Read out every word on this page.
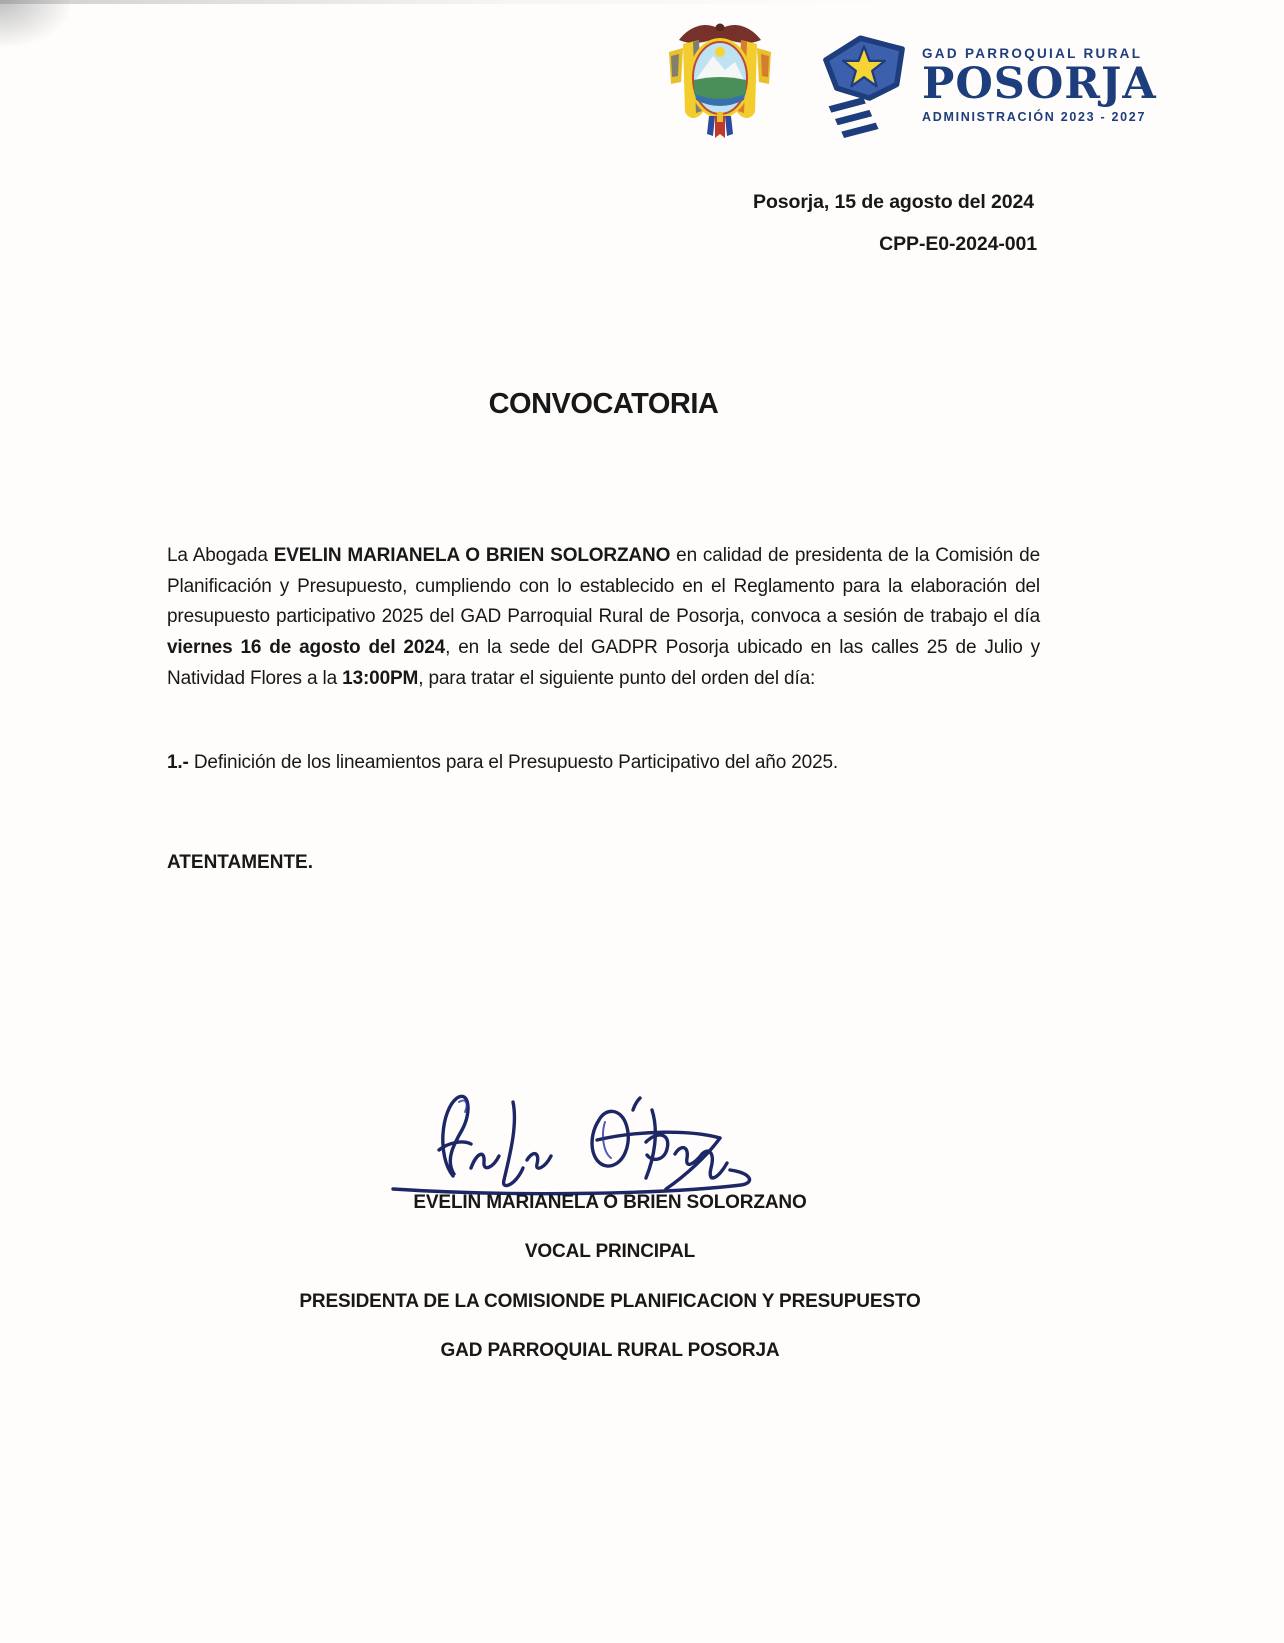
GAD PARROQUIAL RURAL
POSORJA
ADMINISTRACIÓN 2023 - 2027
Posorja, 15 de agosto del 2024
CPP-E0-2024-001
CONVOCATORIA
La Abogada EVELIN MARIANELA O BRIEN SOLORZANO en calidad de presidenta de la Comisión de Planificación y Presupuesto, cumpliendo con lo establecido en el Reglamento para la elaboración del presupuesto participativo 2025 del GAD Parroquial Rural de Posorja, convoca a sesión de trabajo el día viernes 16 de agosto del 2024, en la sede del GADPR Posorja ubicado en las calles 25 de Julio y Natividad Flores a la 13:00PM, para tratar el siguiente punto del orden del día:
1.- Definición de los lineamientos para el Presupuesto Participativo del año 2025.
ATENTAMENTE.
EVELIN MARIANELA O BRIEN SOLORZANO
VOCAL PRINCIPAL
PRESIDENTA DE LA COMISIONDE PLANIFICACION Y PRESUPUESTO
GAD PARROQUIAL RURAL POSORJA
